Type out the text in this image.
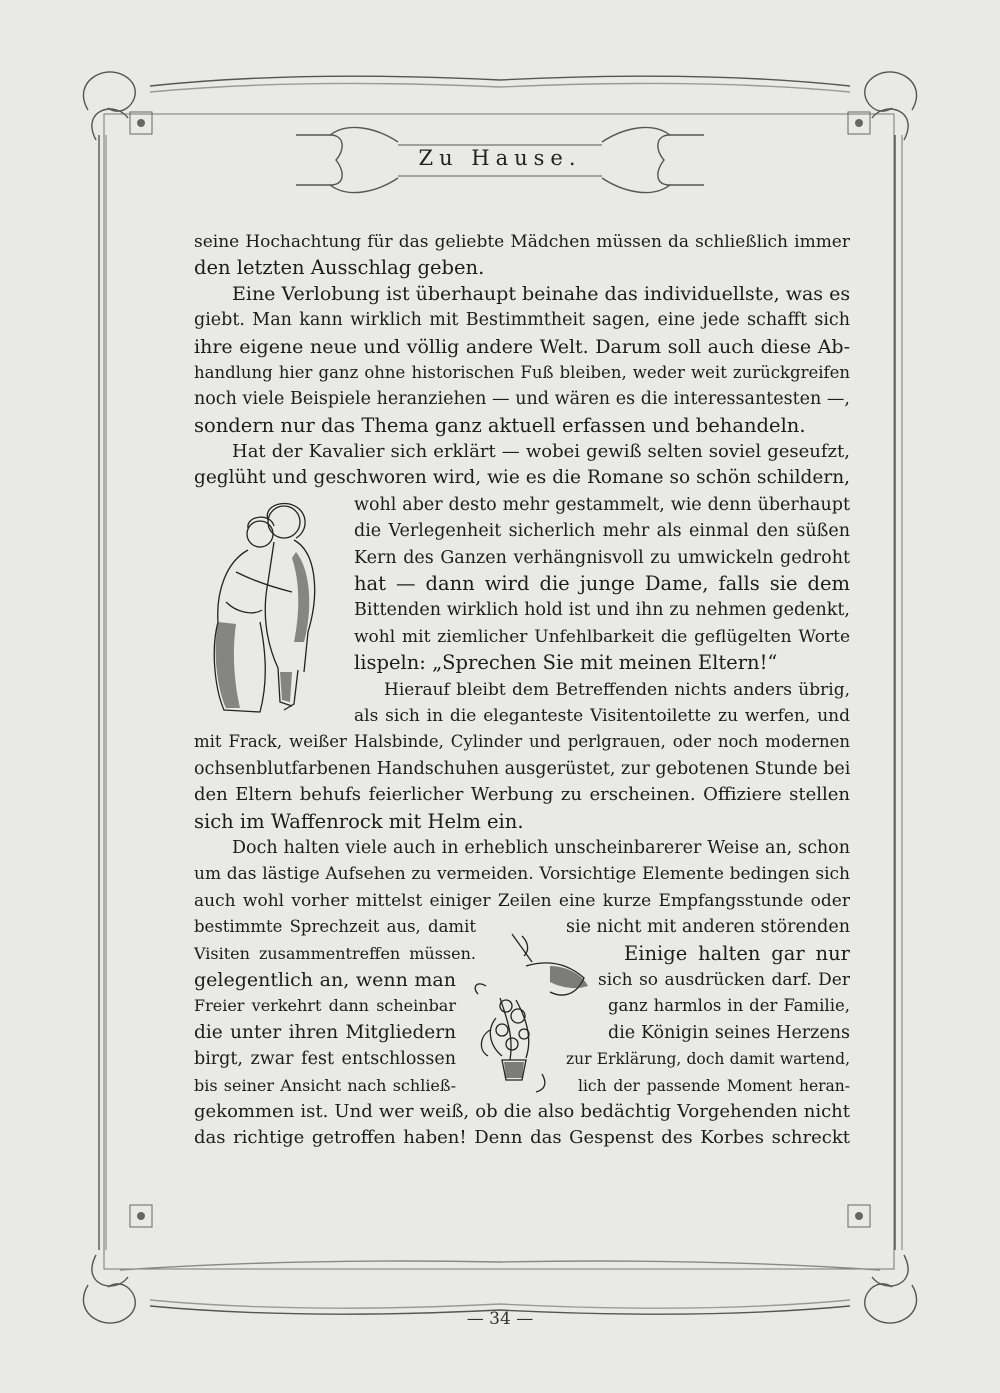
Zu Hause.
seine Hochachtung für das geliebte Mädchen müssen da schließlich immer
den letzten Ausschlag geben.
Eine Verlobung ist überhaupt beinahe das individuellste, was es
giebt. Man kann wirklich mit Bestimmtheit sagen, eine jede schafft sich
ihre eigene neue und völlig andere Welt. Darum soll auch diese Ab-
handlung hier ganz ohne historischen Fuß bleiben, weder weit zurückgreifen
noch viele Beispiele heranziehen — und wären es die interessantesten —,
sondern nur das Thema ganz aktuell erfassen und behandeln.
Hat der Kavalier sich erklärt — wobei gewiß selten soviel geseufzt,
geglüht und geschworen wird, wie es die Romane so schön schildern,
wohl aber desto mehr gestammelt, wie denn überhaupt
die Verlegenheit sicherlich mehr als einmal den süßen
Kern des Ganzen verhängnisvoll zu umwickeln gedroht
hat — dann wird die junge Dame, falls sie dem
Bittenden wirklich hold ist und ihn zu nehmen gedenkt,
wohl mit ziemlicher Unfehlbarkeit die geflügelten Worte
lispeln: „Sprechen Sie mit meinen Eltern!“
Hierauf bleibt dem Betreffenden nichts anders übrig,
als sich in die eleganteste Visitentoilette zu werfen, und
mit Frack, weißer Halsbinde, Cylinder und perlgrauen, oder noch modernen
ochsenblutfarbenen Handschuhen ausgerüstet, zur gebotenen Stunde bei
den Eltern behufs feierlicher Werbung zu erscheinen. Offiziere stellen
sich im Waffenrock mit Helm ein.
Doch halten viele auch in erheblich unscheinbarerer Weise an, schon
um das lästige Aufsehen zu vermeiden. Vorsichtige Elemente bedingen sich
auch wohl vorher mittelst einiger Zeilen eine kurze Empfangsstunde oder
bestimmte Sprechzeit aus, damit	sie nicht mit anderen störenden
Visiten zusammentreffen müssen.	Einige halten gar nur
gelegentlich an, wenn man	sich so ausdrücken darf. Der
Freier verkehrt dann scheinbar	ganz harmlos in der Familie,
die unter ihren Mitgliedern	die Königin seines Herzens
birgt, zwar fest entschlossen	zur Erklärung, doch damit wartend,
bis seiner Ansicht nach schließ-	lich der passende Moment heran-
gekommen ist. Und wer weiß, ob die also bedächtig Vorgehenden nicht
das richtige getroffen haben! Denn das Gespenst des Korbes schreckt
— 34 —
